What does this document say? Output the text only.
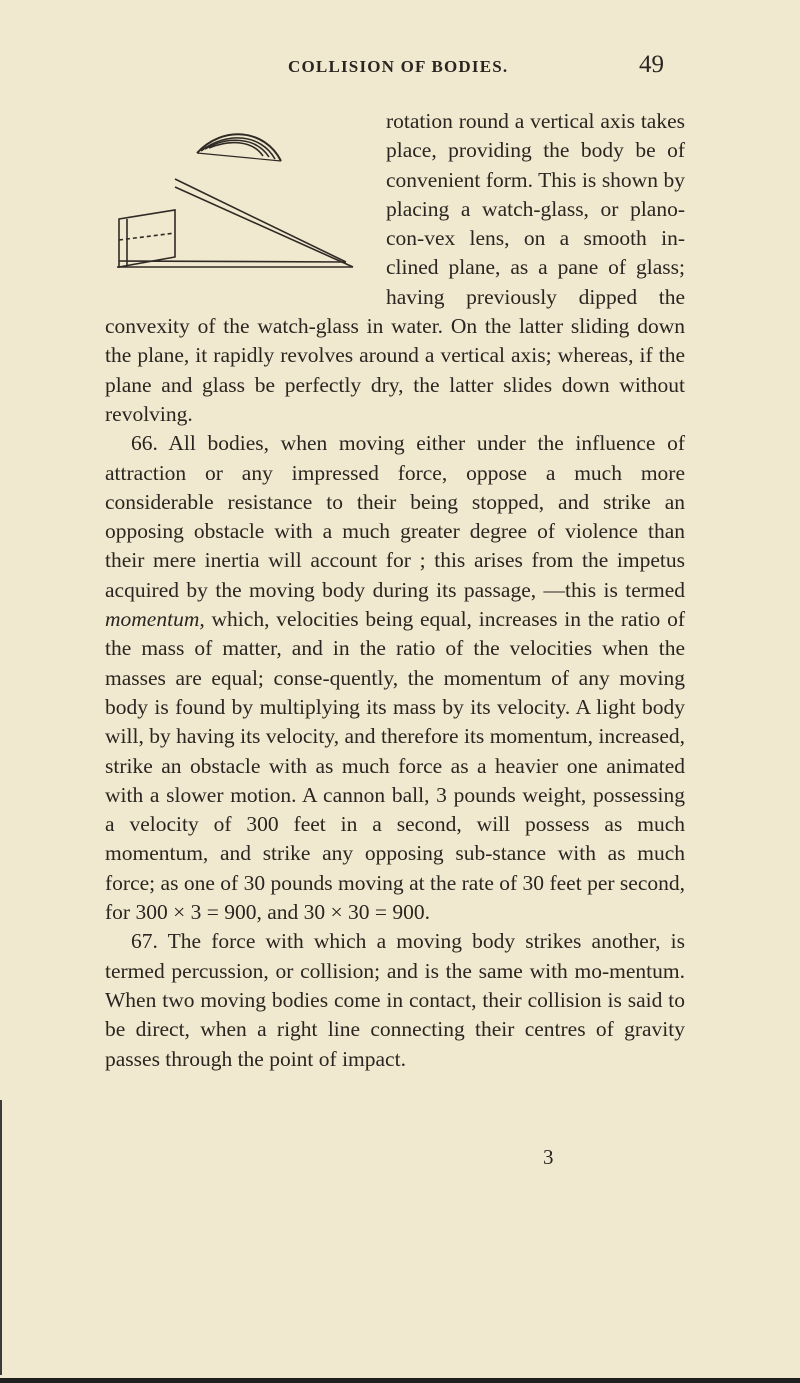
COLLISION OF BODIES.	49

rotation round a vertical axis takes place, providing the body be of convenient form. This is shown by placing a watch-glass, or plano-con-vex lens, on a smooth in-clined plane, as a pane of glass; having previously dipped the convexity of the watch-glass in water. On the latter sliding down the plane, it rapidly revolves around a vertical axis; whereas, if the plane and glass be perfectly dry, the latter slides down without revolving.

66. All bodies, when moving either under the influence of attraction or any impressed force, oppose a much more considerable resistance to their being stopped, and strike an opposing obstacle with a much greater degree of violence than their mere inertia will account for ; this arises from the impetus acquired by the moving body during its passage, —this is termed momentum, which, velocities being equal, increases in the ratio of the mass of matter, and in the ratio of the velocities when the masses are equal; conse-quently, the momentum of any moving body is found by multiplying its mass by its velocity. A light body will, by having its velocity, and therefore its momentum, increased, strike an obstacle with as much force as a heavier one animated with a slower motion. A cannon ball, 3 pounds weight, possessing a velocity of 300 feet in a second, will possess as much momentum, and strike any opposing sub-stance with as much force; as one of 30 pounds moving at the rate of 30 feet per second, for 300 × 3 = 900, and 30 × 30 = 900.

67. The force with which a moving body strikes another, is termed percussion, or collision; and is the same with mo-mentum. When two moving bodies come in contact, their collision is said to be direct, when a right line connecting their centres of gravity passes through the point of impact.

3
